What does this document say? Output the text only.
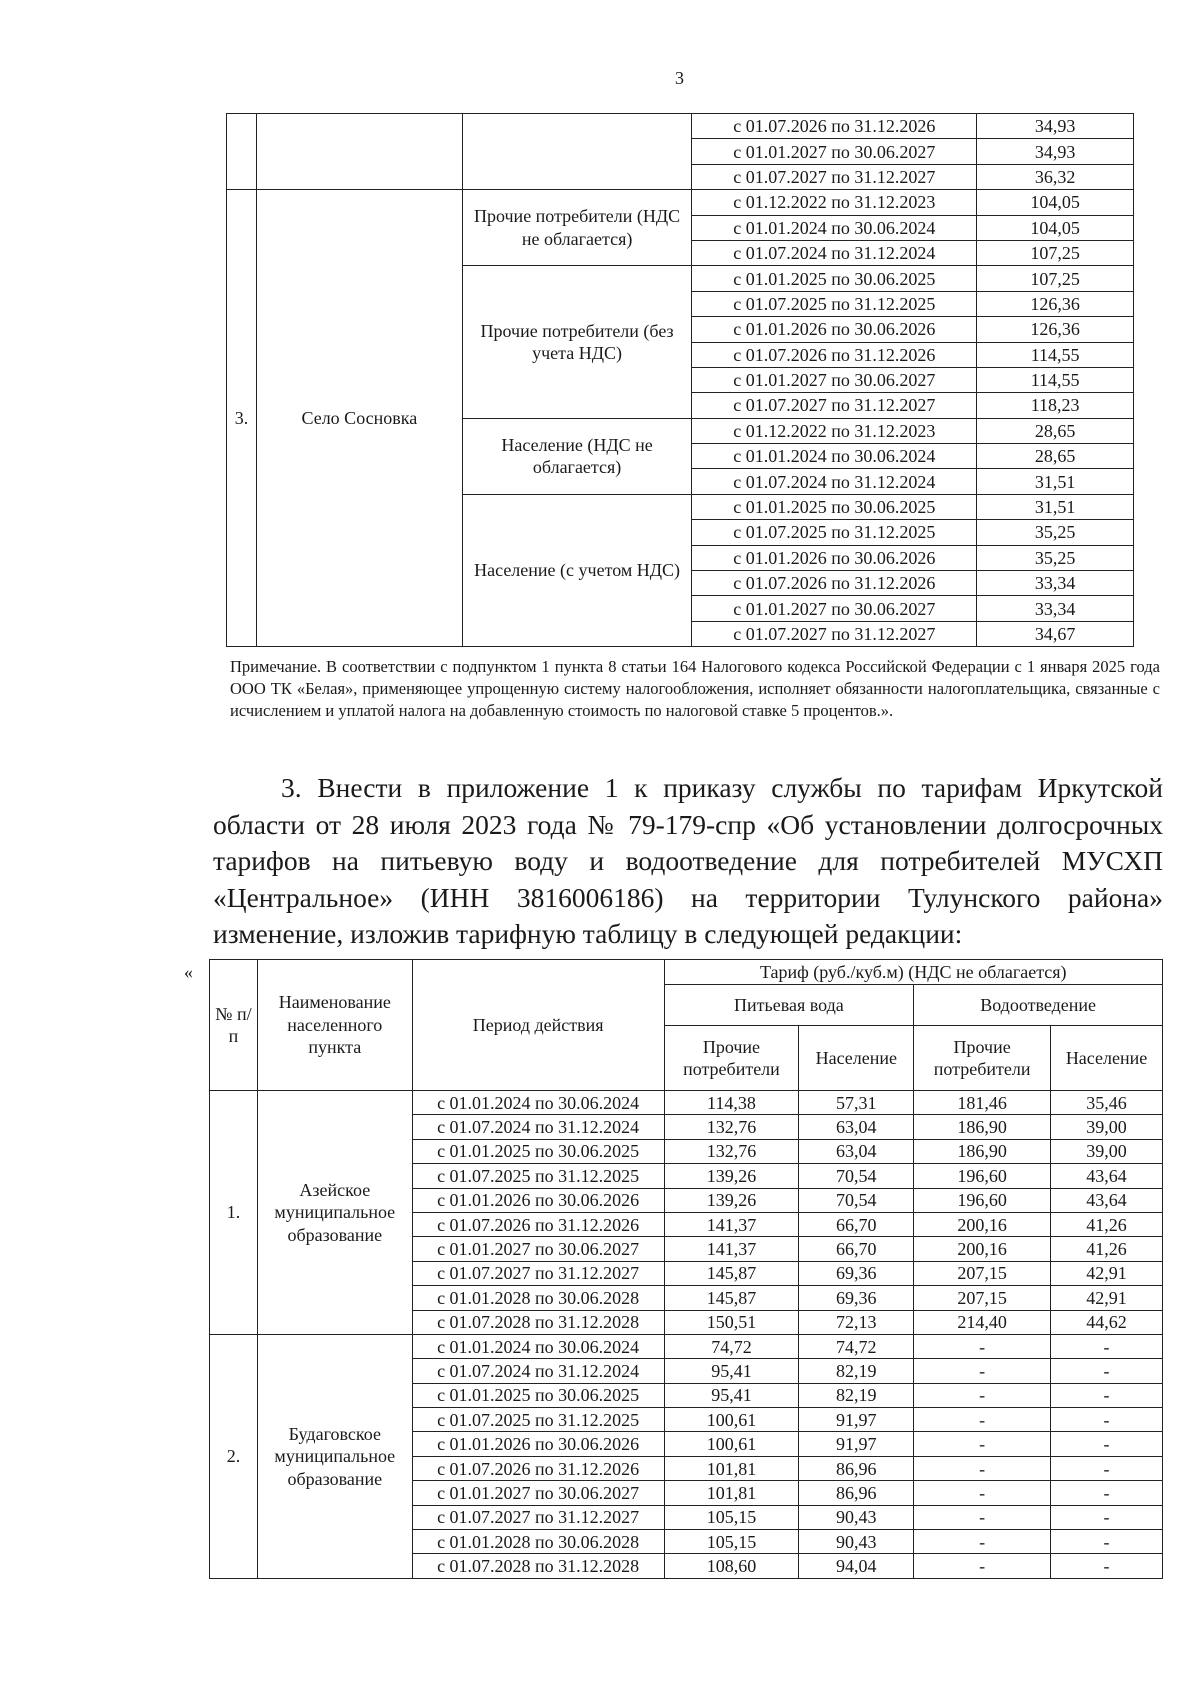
3
			с 01.07.2026 по 31.12.2026	34,93
			с 01.01.2027 по 30.06.2027	34,93
			с 01.07.2027 по 31.12.2027	36,32
3.	Село Сосновка	Прочие потребители (НДС не облагается)	с 01.12.2022 по 31.12.2023	104,05
			с 01.01.2024 по 30.06.2024	104,05
			с 01.07.2024 по 31.12.2024	107,25
		Прочие потребители (без учета НДС)	с 01.01.2025 по 30.06.2025	107,25
			с 01.07.2025 по 31.12.2025	126,36
			с 01.01.2026 по 30.06.2026	126,36
			с 01.07.2026 по 31.12.2026	114,55
			с 01.01.2027 по 30.06.2027	114,55
			с 01.07.2027 по 31.12.2027	118,23
		Население (НДС не облагается)	с 01.12.2022 по 31.12.2023	28,65
			с 01.01.2024 по 30.06.2024	28,65
			с 01.07.2024 по 31.12.2024	31,51
		Население (с учетом НДС)	с 01.01.2025 по 30.06.2025	31,51
			с 01.07.2025 по 31.12.2025	35,25
			с 01.01.2026 по 30.06.2026	35,25
			с 01.07.2026 по 31.12.2026	33,34
			с 01.01.2027 по 30.06.2027	33,34
			с 01.07.2027 по 31.12.2027	34,67
Примечание. В соответствии с подпунктом 1 пункта 8 статьи 164 Налогового кодекса Российской Федерации с 1 января 2025 года ООО ТК «Белая», применяющее упрощенную систему налогообложения, исполняет обязанности налогоплательщика, связанные с исчислением и уплатой налога на добавленную стоимость по налоговой ставке 5 процентов.».
3. Внести в приложение 1 к приказу службы по тарифам Иркутской области от 28 июля 2023 года № 79-179-спр «Об установлении долгосрочных тарифов на питьевую воду и водоотведение для потребителей МУСХП «Центральное» (ИНН 3816006186) на территории Тулунского района» изменение, изложив тарифную таблицу в следующей редакции:
«
№ п/п	Наименование населенного пункта	Период действия	Тариф (руб./куб.м) (НДС не облагается)			
			Питьевая вода		Водоотведение	
			Прочие потребители	Население	Прочие потребители	Население
1.	Азейское муниципальное образование	с 01.01.2024 по 30.06.2024	114,38	57,31	181,46	35,46
		с 01.07.2024 по 31.12.2024	132,76	63,04	186,90	39,00
		с 01.01.2025 по 30.06.2025	132,76	63,04	186,90	39,00
		с 01.07.2025 по 31.12.2025	139,26	70,54	196,60	43,64
		с 01.01.2026 по 30.06.2026	139,26	70,54	196,60	43,64
		с 01.07.2026 по 31.12.2026	141,37	66,70	200,16	41,26
		с 01.01.2027 по 30.06.2027	141,37	66,70	200,16	41,26
		с 01.07.2027 по 31.12.2027	145,87	69,36	207,15	42,91
		с 01.01.2028 по 30.06.2028	145,87	69,36	207,15	42,91
		с 01.07.2028 по 31.12.2028	150,51	72,13	214,40	44,62
2.	Будаговское муниципальное образование	с 01.01.2024 по 30.06.2024	74,72	74,72	-	-
		с 01.07.2024 по 31.12.2024	95,41	82,19	-	-
		с 01.01.2025 по 30.06.2025	95,41	82,19	-	-
		с 01.07.2025 по 31.12.2025	100,61	91,97	-	-
		с 01.01.2026 по 30.06.2026	100,61	91,97	-	-
		с 01.07.2026 по 31.12.2026	101,81	86,96	-	-
		с 01.01.2027 по 30.06.2027	101,81	86,96	-	-
		с 01.07.2027 по 31.12.2027	105,15	90,43	-	-
		с 01.01.2028 по 30.06.2028	105,15	90,43	-	-
		с 01.07.2028 по 31.12.2028	108,60	94,04	-	-
